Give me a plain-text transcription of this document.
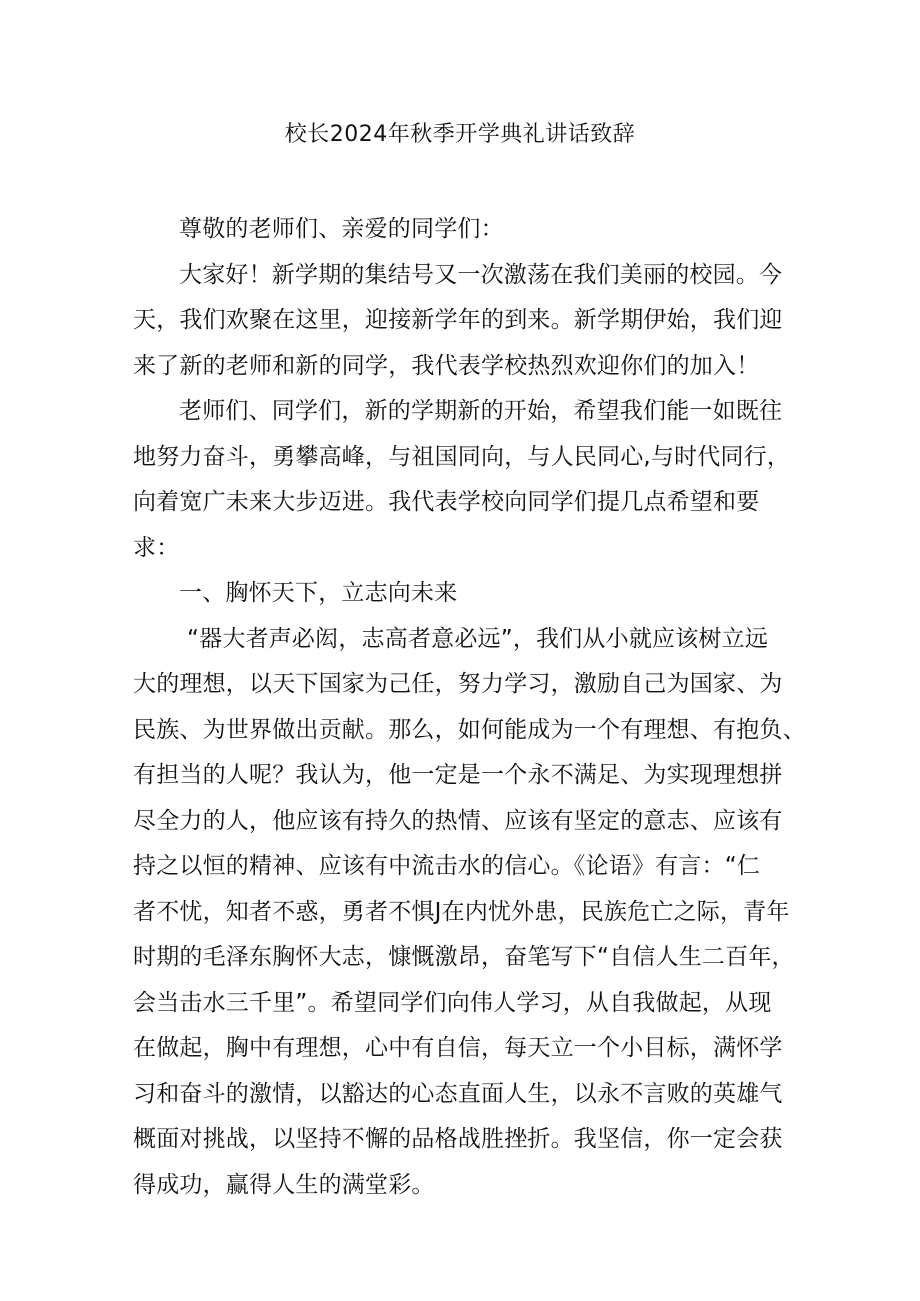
校长2024年秋季开学典礼讲话致辞

尊敬的老师们、亲爱的同学们：

大家好！新学期的集结号又一次激荡在我们美丽的校园。今

天，我们欢聚在这里，迎接新学年的到来。新学期伊始，我们迎

来了新的老师和新的同学，我代表学校热烈欢迎你们的加入！

老师们、同学们，新的学期新的开始，希望我们能一如既往

地努力奋斗，勇攀高峰，与祖国同向，与人民同心,与时代同行，

向着宽广未来大步迈进。我代表学校向同学们提几点希望和要

求：

一、胸怀天下，立志向未来

“器大者声必闳，志高者意必远”，我们从小就应该树立远

大的理想，以天下国家为己任，努力学习，激励自己为国家、为

民族、为世界做出贡献。那么，如何能成为一个有理想、有抱负、

有担当的人呢？我认为，他一定是一个永不满足、为实现理想拼

尽全力的人，他应该有持久的热情、应该有坚定的意志、应该有

持之以恒的精神、应该有中流击水的信心。《论语》有言：“仁

者不忧，知者不惑，勇者不惧J在内忧外患，民族危亡之际，青年

时期的毛泽东胸怀大志，慷慨激昂，奋笔写下“自信人生二百年，

会当击水三千里”。希望同学们向伟人学习，从自我做起，从现

在做起，胸中有理想，心中有自信，每天立一个小目标，满怀学

习和奋斗的激情，以豁达的心态直面人生，以永不言败的英雄气

概面对挑战，以坚持不懈的品格战胜挫折。我坚信，你一定会获

得成功，赢得人生的满堂彩。
